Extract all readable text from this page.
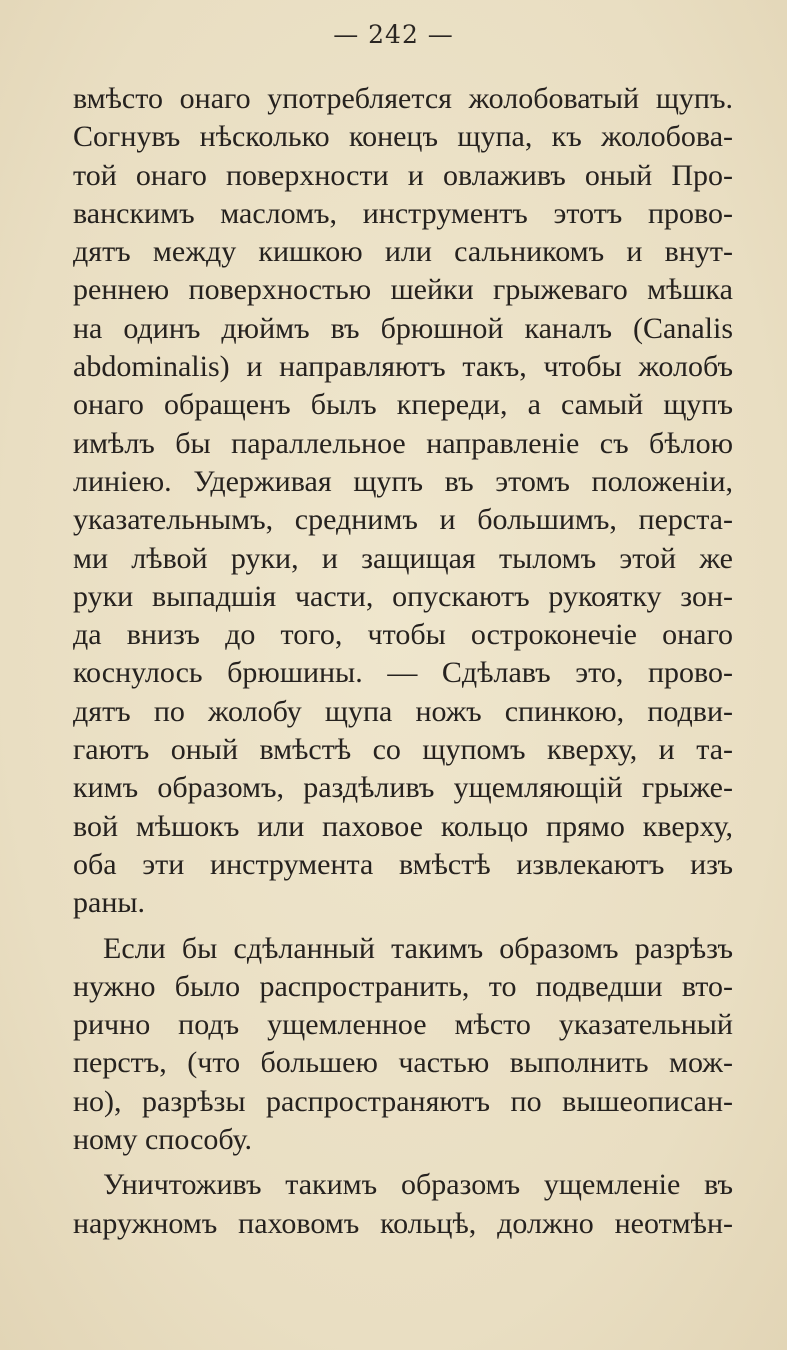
— 242 —
вмѣсто онаго употребляется жолобоватый щупъ.
Согнувъ нѣсколько конецъ щупа, къ жолобова-
той онаго поверхности и овлаживъ оный Про-
ванскимъ масломъ, инструментъ этотъ прово-
дятъ между кишкою или сальникомъ и внут-
реннею поверхностью шейки грыжеваго мѣшка
на одинъ дюймъ въ брюшной каналъ (Canalis
abdominalis) и направляютъ такъ, чтобы жолобъ
онаго обращенъ былъ кпереди, а самый щупъ
имѣлъ бы параллельное направленіе съ бѣлою
линіею. Удерживая щупъ въ этомъ положеніи,
указательнымъ, среднимъ и большимъ, перста-
ми лѣвой руки, и защищая тыломъ этой же
руки выпадшія части, опускаютъ рукоятку зон-
да внизъ до того, чтобы остроконечіе онаго
коснулось брюшины. — Сдѣлавъ это, прово-
дятъ по жолобу щупа ножъ спинкою, подви-
гаютъ оный вмѣстѣ со щупомъ кверху, и та-
кимъ образомъ, раздѣливъ ущемляющій грыже-
вой мѣшокъ или паховое кольцо прямо кверху,
оба эти инструмента вмѣстѣ извлекаютъ изъ
раны.
Если бы сдѣланный такимъ образомъ разрѣзъ
нужно было распространить, то подведши вто-
рично подъ ущемленное мѣсто указательный
перстъ, (что большею частью выполнить мож-
но), разрѣзы распространяютъ по вышеописан-
ному способу.
Уничтоживъ такимъ образомъ ущемленіе въ
наружномъ паховомъ кольцѣ, должно неотмѣн-
